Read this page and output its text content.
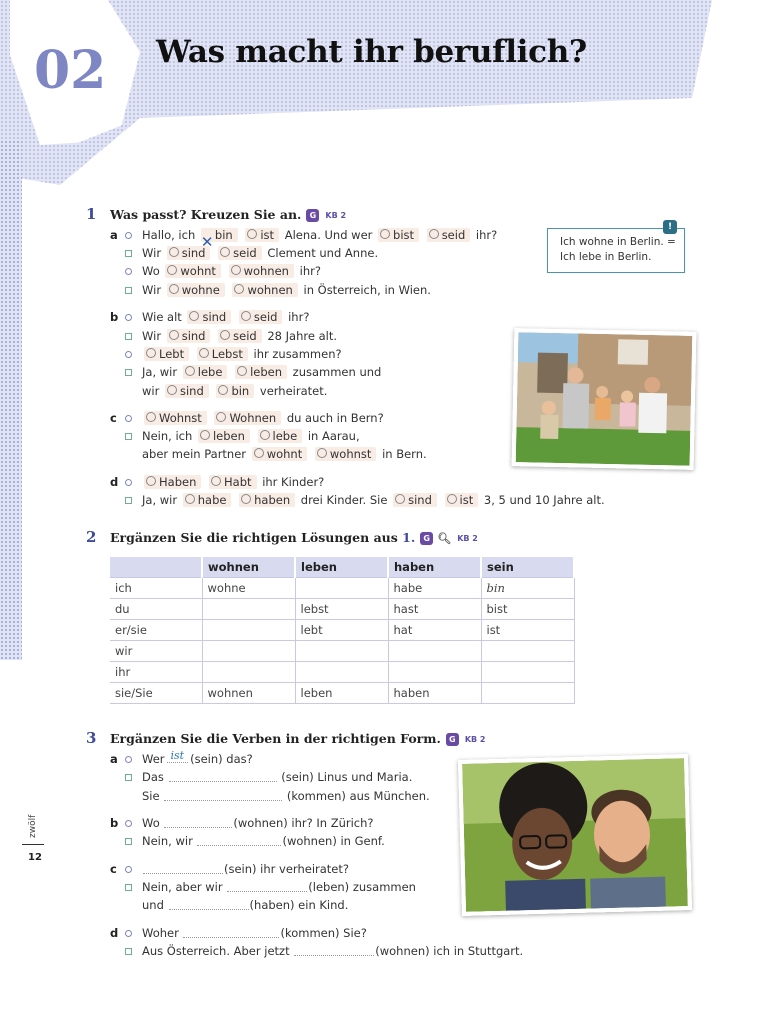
02 Was macht ihr beruflich?
1 Was passt? Kreuzen Sie an. G KB 2
a Hallo, ich bin ist Alena. Und wer bist seid ihr?
Wir sind seid Clement und Anne.
Wo wohnt wohnen ihr?
Wir wohne wohnen in Österreich, in Wien.
Ich wohne in Berlin. =
Ich lebe in Berlin.
!
b Wie alt sind seid ihr?
Wir sind seid 28 Jahre alt.
Lebt Lebst ihr zusammen?
Ja, wir lebe leben zusammen und
wir sind bin verheiratet.
c	Wohnst Wohnen du auch in Bern?
Nein, ich leben lebe in Aarau,
aber mein Partner wohnt wohnst in Bern.
d	Haben Habt ihr Kinder?
Ja, wir habe haben drei Kinder. Sie sind ist 3, 5 und 10 Jahre alt.
2 Ergänzen Sie die richtigen Lösungen aus 1. G 🔍︎ KB 2
	wohnen	leben	haben	sein
ich	wohne		habe	bin
du		lebst	hast	bist
er/sie		lebt	hat	ist
wir				
ihr				
sie/Sie	wohnen	leben	haben	
3 Ergänzen Sie die Verben in der richtigen Form. G KB 2
a Wer ist (sein) das?
Das	(sein) Linus und Maria.
Sie	(kommen) aus München.
b Wo	(wohnen) ihr? In Zürich?
Nein, wir	(wohnen) in Genf.
c	(sein) ihr verheiratet?
Nein, aber wir	(leben) zusammen
und	(haben) ein Kind.
d Woher	(kommen) Sie?
Aus Österreich. Aber jetzt	(wohnen) ich in Stuttgart.
zwölf
12
